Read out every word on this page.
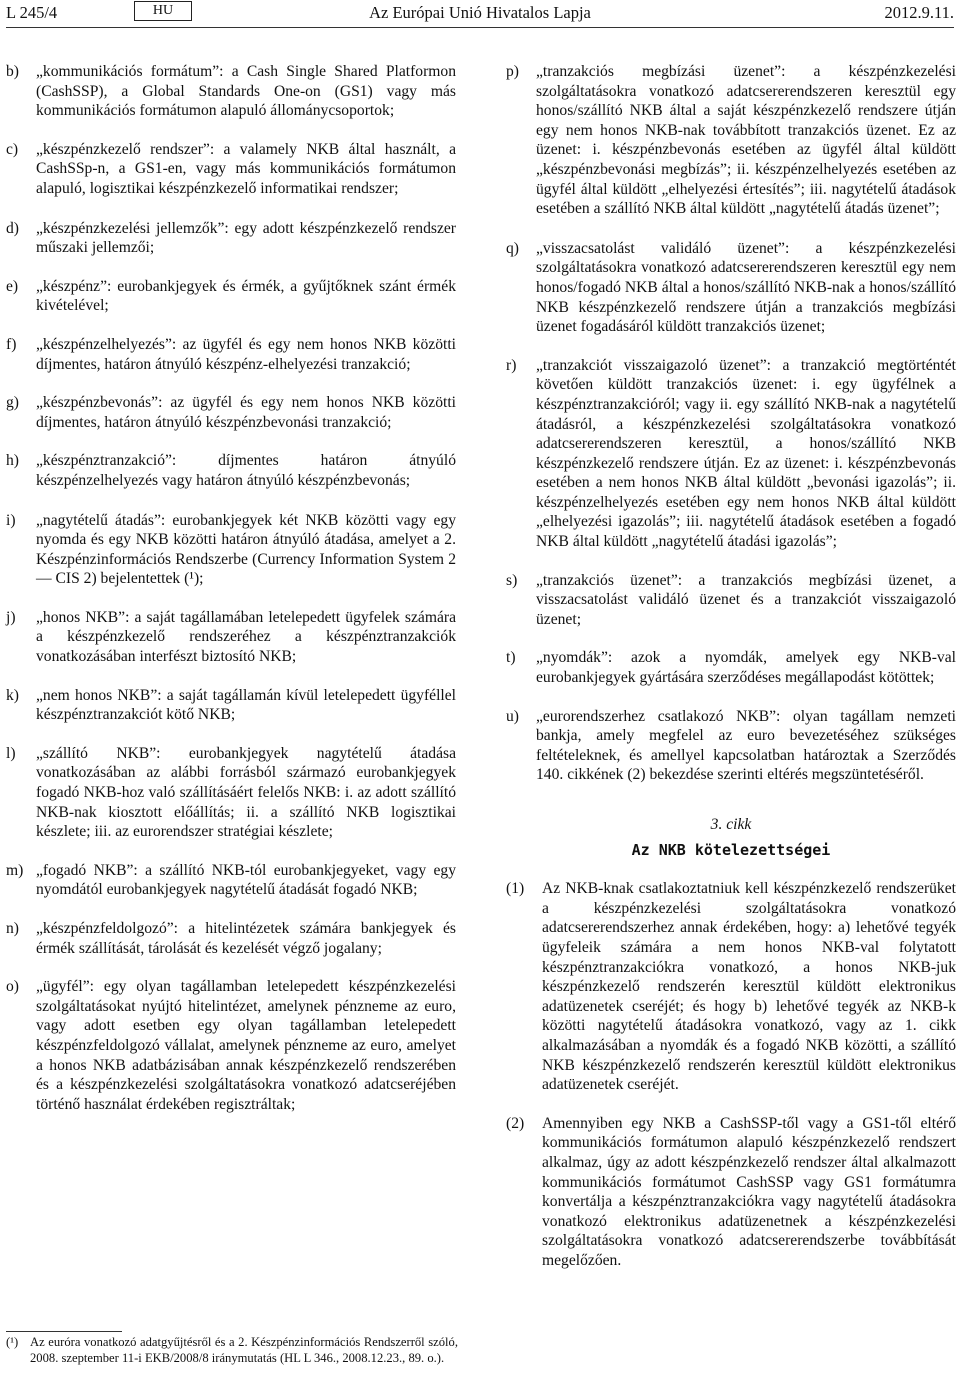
L 245/4	HU	Az Európai Unió Hivatalos Lapja	2012.9.11.
b)	„kommunikációs formátum”: a Cash Single Shared Platformon (CashSSP), a Global Standards One-on (GS1) vagy más kommunikációs formátumon alapuló állománycsoportok;
c)	„készpénzkezelő rendszer”: a valamely NKB által használt, a CashSSp-n, a GS1-en, vagy más kommunikációs formátumon alapuló, logisztikai készpénzkezelő informatikai rendszer;
d)	„készpénzkezelési jellemzők”: egy adott készpénzkezelő rendszer műszaki jellemzői;
e)	„készpénz”: eurobankjegyek és érmék, a gyűjtőknek szánt érmék kivételével;
f)	„készpénzelhelyezés”: az ügyfél és egy nem honos NKB közötti díjmentes, határon átnyúló készpénz-elhelyezési tranzakció;
g)	„készpénzbevonás”: az ügyfél és egy nem honos NKB közötti díjmentes, határon átnyúló készpénzbevonási tranzakció;
h)	„készpénztranzakció”: díjmentes határon átnyúló készpénzelhelyezés vagy határon átnyúló készpénzbevonás;
i)	„nagytételű átadás”: eurobankjegyek két NKB közötti vagy egy nyomda és egy NKB közötti határon átnyúló átadása, amelyet a 2. Készpénzinformációs Rendszerbe (Currency Information System 2 — CIS 2) bejelentettek (¹);
j)	„honos NKB”: a saját tagállamában letelepedett ügyfelek számára a készpénzkezelő rendszeréhez a készpénztranzakciók vonatkozásában interfészt biztosító NKB;
k)	„nem honos NKB”: a saját tagállamán kívül letelepedett ügyféllel készpénztranzakciót kötő NKB;
l)	„szállító NKB”: eurobankjegyek nagytételű átadása vonatkozásában az alábbi forrásból származó eurobankjegyek fogadó NKB-hoz való szállításáért felelős NKB: i. az adott szállító NKB-nak kiosztott előállítás; ii. a szállító NKB logisztikai készlete; iii. az eurorendszer stratégiai készlete;
m) „fogadó NKB”: a szállító NKB-tól eurobankjegyeket, vagy egy nyomdától eurobankjegyek nagytételű átadását fogadó NKB;
n)	„készpénzfeldolgozó”: a hitelintézetek számára bankjegyek és érmék szállítását, tárolását és kezelését végző jogalany;
o)	„ügyfél”: egy olyan tagállamban letelepedett készpénzkezelési szolgáltatásokat nyújtó hitelintézet, amelynek pénzneme az euro, vagy adott esetben egy olyan tagállamban letelepedett készpénzfeldolgozó vállalat, amelynek pénzneme az euro, amelyet a honos NKB adatbázisában annak készpénzkezelő rendszerében és a készpénzkezelési szolgáltatásokra vonatkozó adatcseréjében történő használat érdekében regisztráltak;
p)	„tranzakciós megbízási üzenet”: a készpénzkezelési szolgáltatásokra vonatkozó adatcsererendszeren keresztül egy honos/szállító NKB által a saját készpénzkezelő rendszere útján egy nem honos NKB-nak továbbított tranzakciós üzenet. Ez az üzenet: i. készpénzbevonás esetében az ügyfél által küldött „készpénzbevonási megbízás”; ii. készpénzelhelyezés esetében az ügyfél által küldött „elhelyezési értesítés”; iii. nagytételű átadások esetében a szállító NKB által küldött „nagytételű átadás üzenet”;
q)	„visszacsatolást validáló üzenet”: a készpénzkezelési szolgáltatásokra vonatkozó adatcsererendszeren keresztül egy nem honos/fogadó NKB által a honos/szállító NKB-nak a honos/szállító NKB készpénzkezelő rendszere útján a tranzakciós megbízási üzenet fogadásáról küldött tranzakciós üzenet;
r)	„tranzakciót visszaigazoló üzenet”: a tranzakció megtörténtét követően küldött tranzakciós üzenet: i. egy ügyfélnek a készpénztranzakcióról; vagy ii. egy szállító NKB-nak a nagytételű átadásról, a készpénzkezelési szolgáltatásokra vonatkozó adatcsererendszeren keresztül, a honos/szállító NKB készpénzkezelő rendszere útján. Ez az üzenet: i. készpénzbevonás esetében a nem honos NKB által küldött „bevonási igazolás”; ii. készpénzelhelyezés esetében egy nem honos NKB által küldött „elhelyezési igazolás”; iii. nagytételű átadások esetében a fogadó NKB által küldött „nagytételű átadási igazolás”;
s)	„tranzakciós üzenet”: a tranzakciós megbízási üzenet, a visszacsatolást validáló üzenet és a tranzakciót visszaigazoló üzenet;
t)	„nyomdák”: azok a nyomdák, amelyek egy NKB-val eurobankjegyek gyártására szerződéses megállapodást kötöttek;
u)	„eurorendszerhez csatlakozó NKB”: olyan tagállam nemzeti bankja, amely megfelel az euro bevezetéséhez szükséges feltételeknek, és amellyel kapcsolatban határoztak a Szerződés 140. cikkének (2) bekezdése szerinti eltérés megszüntetéséről.
3. cikk
Az NKB kötelezettségei
(1)	Az NKB-knak csatlakoztatniuk kell készpénzkezelő rendszerüket a készpénzkezelési szolgáltatásokra vonatkozó adatcsererendszerhez annak érdekében, hogy: a) lehetővé tegyék ügyfeleik számára a nem honos NKB-val folytatott készpénztranzakciókra vonatkozó, a honos NKB-juk készpénzkezelő rendszerén keresztül küldött elektronikus adatüzenetek cseréjét; és hogy b) lehetővé tegyék az NKB-k közötti nagytételű átadásokra vonatkozó, vagy az 1. cikk alkalmazásában a nyomdák és a fogadó NKB közötti, a szállító NKB készpénzkezelő rendszerén keresztül küldött elektronikus adatüzenetek cseréjét.
(2)	Amennyiben egy NKB a CashSSP-től vagy a GS1-től eltérő kommunikációs formátumon alapuló készpénzkezelő rendszert alkalmaz, úgy az adott készpénzkezelő rendszer által alkalmazott kommunikációs formátumot CashSSP vagy GS1 formátumra konvertálja a készpénztranzakciókra vagy nagytételű átadásokra vonatkozó elektronikus adatüzenetnek a készpénzkezelési szolgáltatásokra vonatkozó adatcsererendszerbe továbbítását megelőzően.
(¹) Az euróra vonatkozó adatgyűjtésről és a 2. Készpénzinformációs Rendszerről szóló, 2008. szeptember 11-i EKB/2008/8 iránymutatás (HL L 346., 2008.12.23., 89. o.).
